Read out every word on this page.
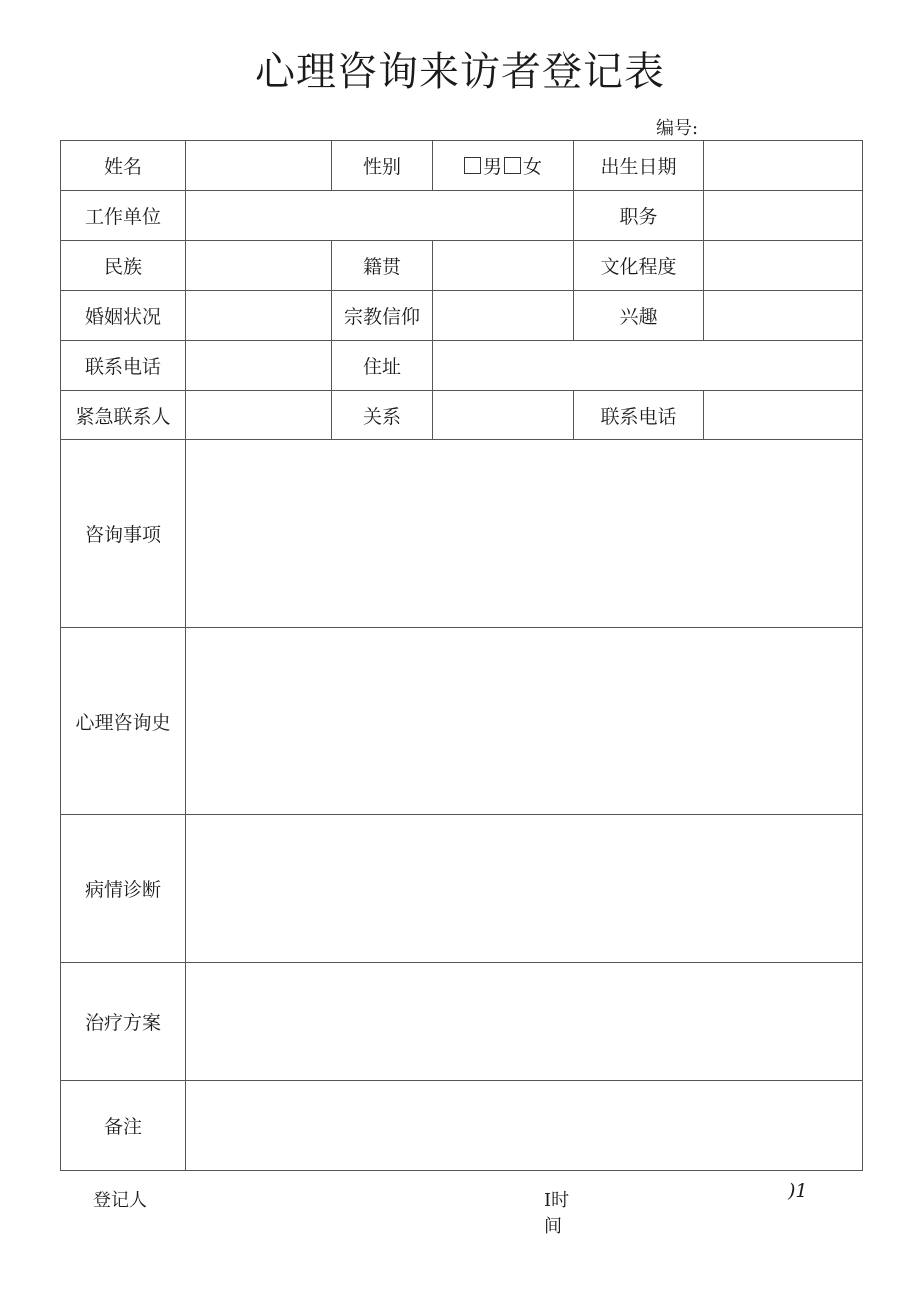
心理咨询来访者登记表
编号:
姓名		性别	男 女	出生日期	
工作单位				职务	
民族		籍贯		文化程度	
婚姻状况		宗教信仰		兴趣	
联系电话		住址			
紧急联系人		关系		联系电话	
咨询事项					
心理咨询史					
病情诊断					
治疗方案					
备注					
登记人	I时
间
)1
